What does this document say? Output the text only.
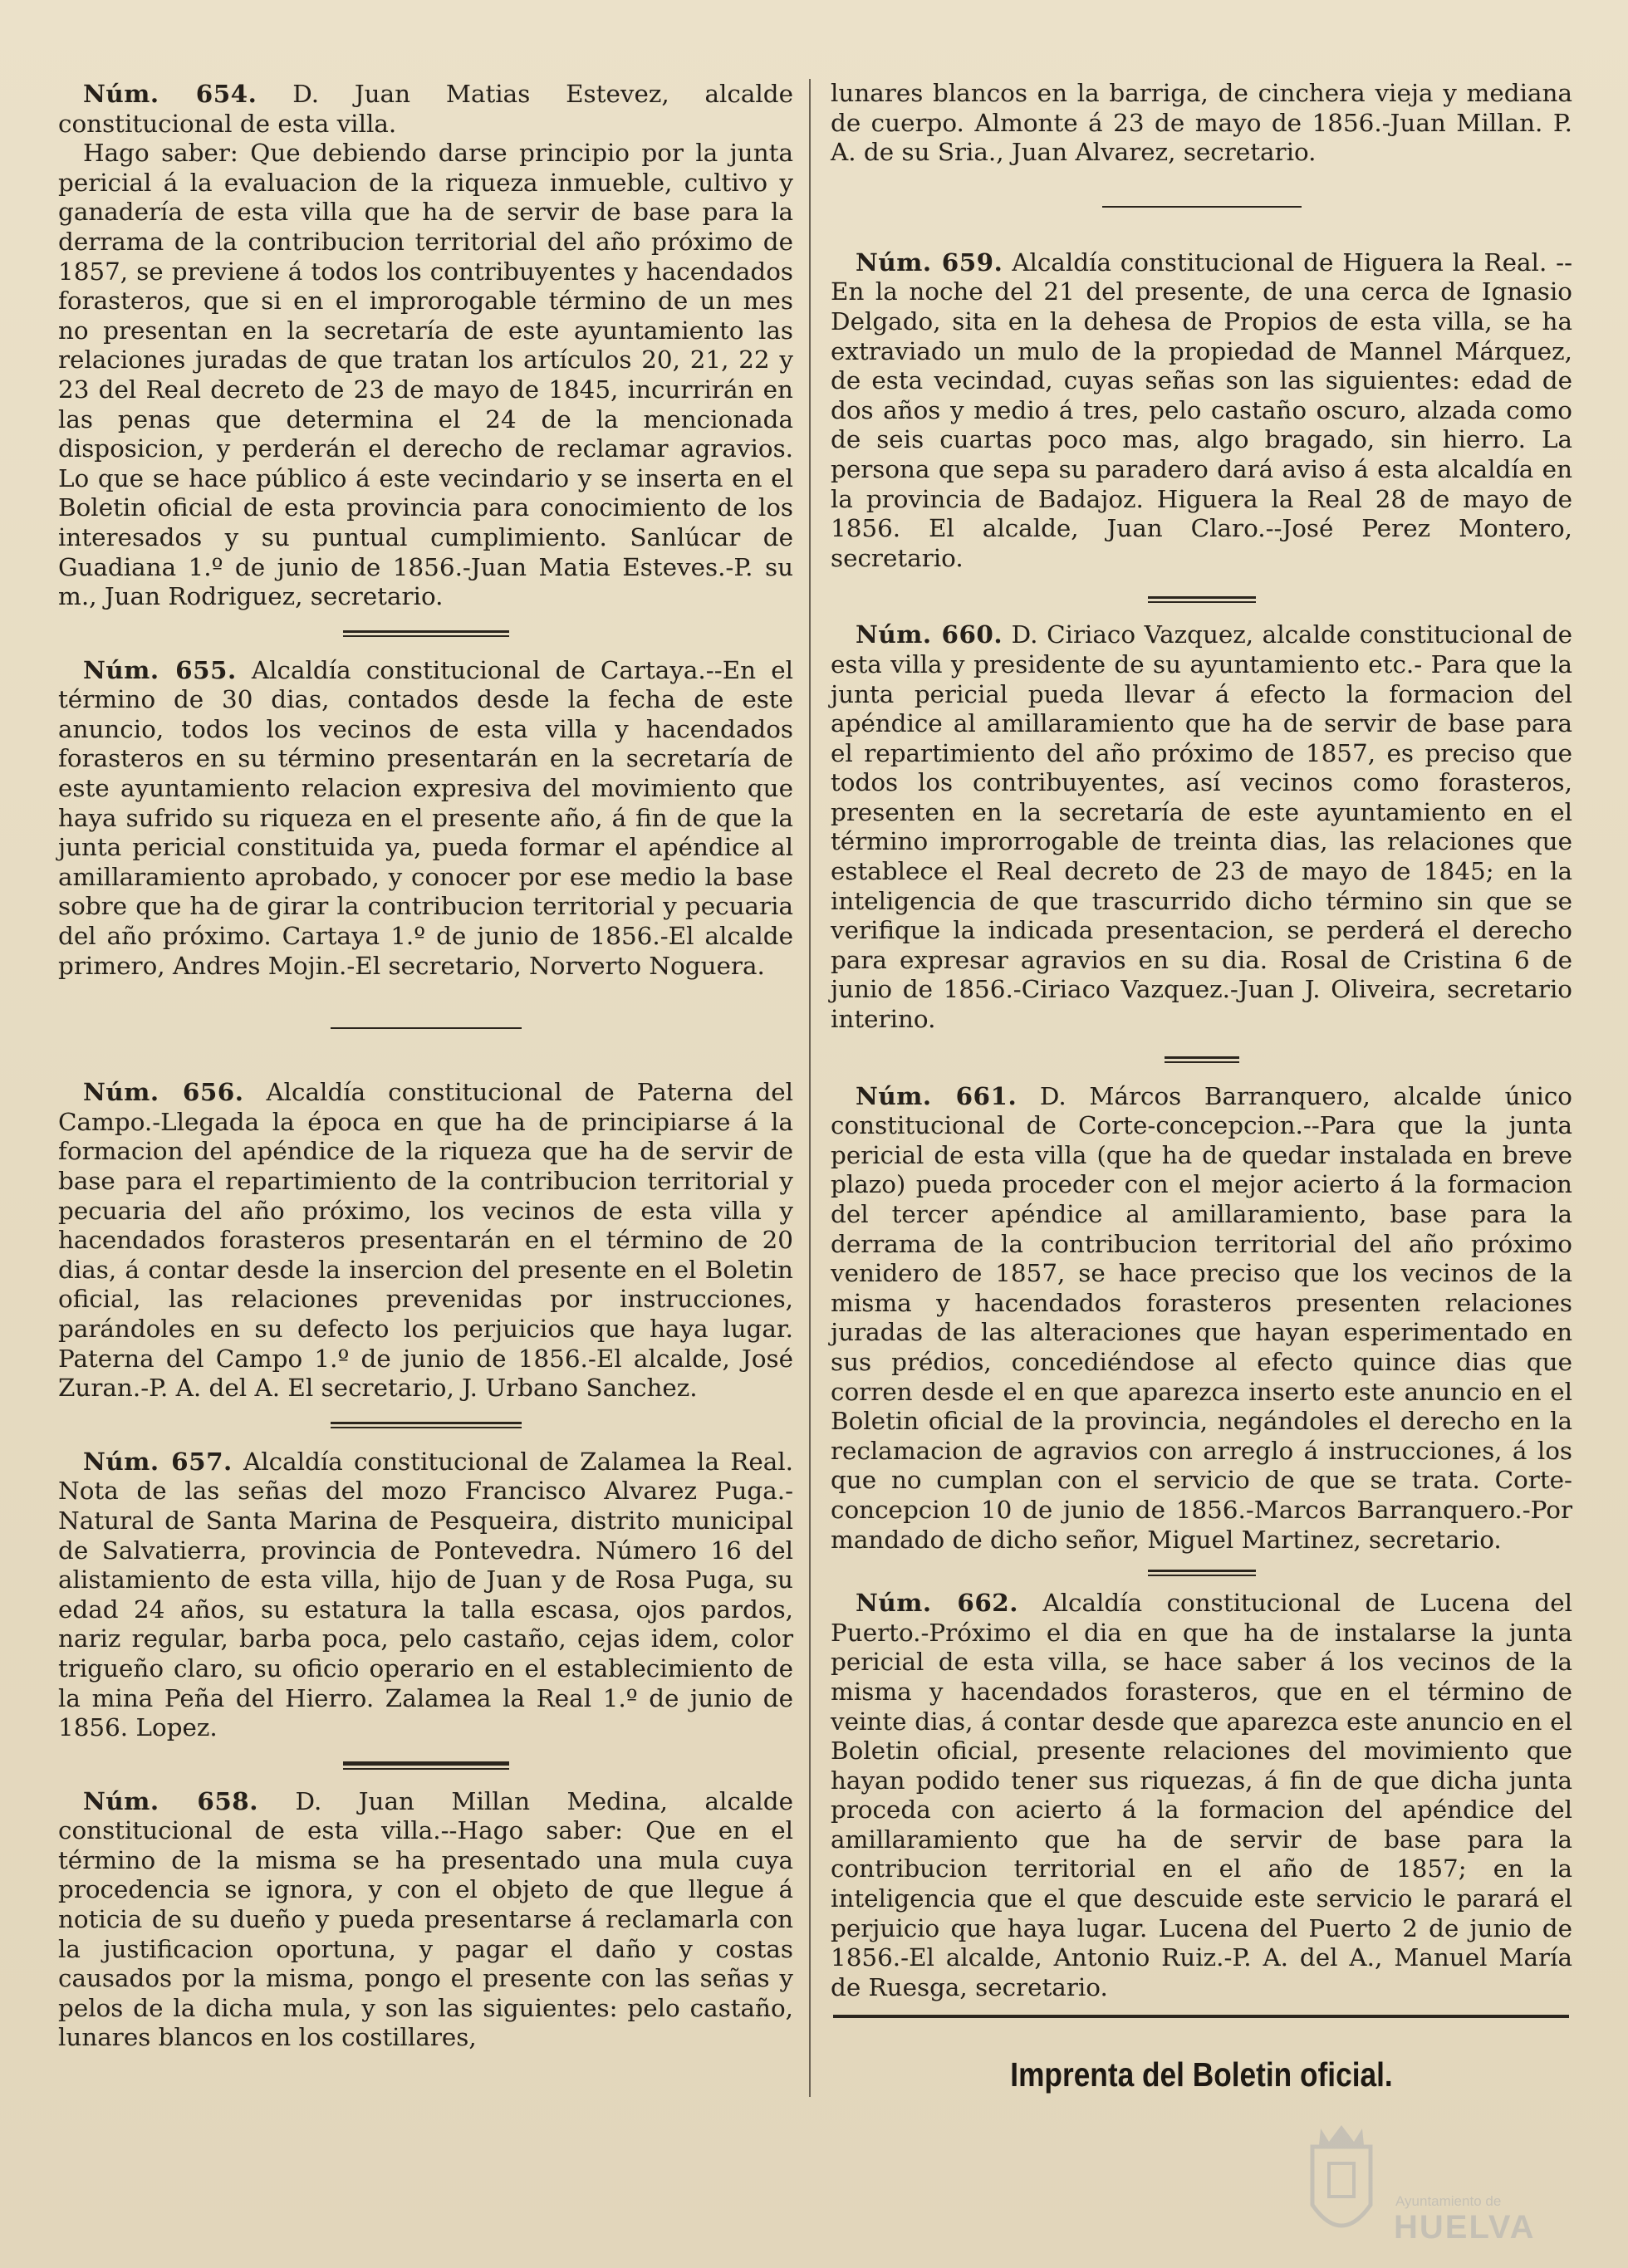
Núm. 654. D. Juan Matias Estevez, alcalde constitucional de esta villa.

Hago saber: Que debiendo darse principio por la junta pericial á la evaluacion de la riqueza inmueble, cultivo y ganadería de esta villa que ha de servir de base para la derrama de la contribucion territorial del año próximo de 1857, se previene á todos los contribuyentes y hacendados forasteros, que si en el improrogable término de un mes no presentan en la secretaría de este ayuntamiento las relaciones juradas de que tratan los artículos 20, 21, 22 y 23 del Real decreto de 23 de mayo de 1845, incurrirán en las penas que determina el 24 de la mencionada disposicion, y perderán el derecho de reclamar agravios. Lo que se hace público á este vecindario y se inserta en el Boletin oficial de esta provincia para conocimiento de los interesados y su puntual cumplimiento. Sanlúcar de Guadiana 1.º de junio de 1856.-Juan Matia Esteves.-P. su m., Juan Rodriguez, secretario.

Núm. 655. Alcaldía constitucional de Cartaya.--En el término de 30 dias, contados desde la fecha de este anuncio, todos los vecinos de esta villa y hacendados forasteros en su término presentarán en la secretaría de este ayuntamiento relacion expresiva del movimiento que haya sufrido su riqueza en el presente año, á fin de que la junta pericial constituida ya, pueda formar el apéndice al amillaramiento aprobado, y conocer por ese medio la base sobre que ha de girar la contribucion territorial y pecuaria del año próximo. Cartaya 1.º de junio de 1856.-El alcalde primero, Andres Mojin.-El secretario, Norverto Noguera.

Núm. 656. Alcaldía constitucional de Paterna del Campo.-Llegada la época en que ha de principiarse á la formacion del apéndice de la riqueza que ha de servir de base para el repartimiento de la contribucion territorial y pecuaria del año próximo, los vecinos de esta villa y hacendados forasteros presentarán en el término de 20 dias, á contar desde la insercion del presente en el Boletin oficial, las relaciones prevenidas por instrucciones, parándoles en su defecto los perjuicios que haya lugar. Paterna del Campo 1.º de junio de 1856.-El alcalde, José Zuran.-P. A. del A. El secretario, J. Urbano Sanchez.

Núm. 657. Alcaldía constitucional de Zalamea la Real. Nota de las señas del mozo Francisco Alvarez Puga.-Natural de Santa Marina de Pesqueira, distrito municipal de Salvatierra, provincia de Pontevedra. Número 16 del alistamiento de esta villa, hijo de Juan y de Rosa Puga, su edad 24 años, su estatura la talla escasa, ojos pardos, nariz regular, barba poca, pelo castaño, cejas idem, color trigueño claro, su oficio operario en el establecimiento de la mina Peña del Hierro. Zalamea la Real 1.º de junio de 1856. Lopez.

Núm. 658. D. Juan Millan Medina, alcalde constitucional de esta villa.--Hago saber: Que en el término de la misma se ha presentado una mula cuya procedencia se ignora, y con el objeto de que llegue á noticia de su dueño y pueda presentarse á reclamarla con la justificacion oportuna, y pagar el daño y costas causados por la misma, pongo el presente con las señas y pelos de la dicha mula, y son las siguientes: pelo castaño, lunares blancos en los costillares,

lunares blancos en la barriga, de cinchera vieja y mediana de cuerpo. Almonte á 23 de mayo de 1856.-Juan Millan. P. A. de su Sria., Juan Alvarez, secretario.

Núm. 659. Alcaldía constitucional de Higuera la Real. --En la noche del 21 del presente, de una cerca de Ignasio Delgado, sita en la dehesa de Propios de esta villa, se ha extraviado un mulo de la propiedad de Mannel Márquez, de esta vecindad, cuyas señas son las siguientes: edad de dos años y medio á tres, pelo castaño oscuro, alzada como de seis cuartas poco mas, algo bragado, sin hierro. La persona que sepa su paradero dará aviso á esta alcaldía en la provincia de Badajoz. Higuera la Real 28 de mayo de 1856. El alcalde, Juan Claro.--José Perez Montero, secretario.

Núm. 660. D. Ciriaco Vazquez, alcalde constitucional de esta villa y presidente de su ayuntamiento etc.- Para que la junta pericial pueda llevar á efecto la formacion del apéndice al amillaramiento que ha de servir de base para el repartimiento del año próximo de 1857, es preciso que todos los contribuyentes, así vecinos como forasteros, presenten en la secretaría de este ayuntamiento en el término improrrogable de treinta dias, las relaciones que establece el Real decreto de 23 de mayo de 1845; en la inteligencia de que trascurrido dicho término sin que se verifique la indicada presentacion, se perderá el derecho para expresar agravios en su dia. Rosal de Cristina 6 de junio de 1856.-Ciriaco Vazquez.-Juan J. Oliveira, secretario interino.

Núm. 661. D. Márcos Barranquero, alcalde único constitucional de Corte-concepcion.--Para que la junta pericial de esta villa (que ha de quedar instalada en breve plazo) pueda proceder con el mejor acierto á la formacion del tercer apéndice al amillaramiento, base para la derrama de la contribucion territorial del año próximo venidero de 1857, se hace preciso que los vecinos de la misma y hacendados forasteros presenten relaciones juradas de las alteraciones que hayan esperimentado en sus prédios, concediéndose al efecto quince dias que corren desde el en que aparezca inserto este anuncio en el Boletin oficial de la provincia, negándoles el derecho en la reclamacion de agravios con arreglo á instrucciones, á los que no cumplan con el servicio de que se trata. Corte-concepcion 10 de junio de 1856.-Marcos Barranquero.-Por mandado de dicho señor, Miguel Martinez, secretario.

Núm. 662. Alcaldía constitucional de Lucena del Puerto.-Próximo el dia en que ha de instalarse la junta pericial de esta villa, se hace saber á los vecinos de la misma y hacendados forasteros, que en el término de veinte dias, á contar desde que aparezca este anuncio en el Boletin oficial, presente relaciones del movimiento que hayan podido tener sus riquezas, á fin de que dicha junta proceda con acierto á la formacion del apéndice del amillaramiento que ha de servir de base para la contribucion territorial en el año de 1857; en la inteligencia que el que descuide este servicio le parará el perjuicio que haya lugar. Lucena del Puerto 2 de junio de 1856.-El alcalde, Antonio Ruiz.-P. A. del A., Manuel María de Ruesga, secretario.

Imprenta del Boletin oficial.
Ayuntamiento de
HUELVA
